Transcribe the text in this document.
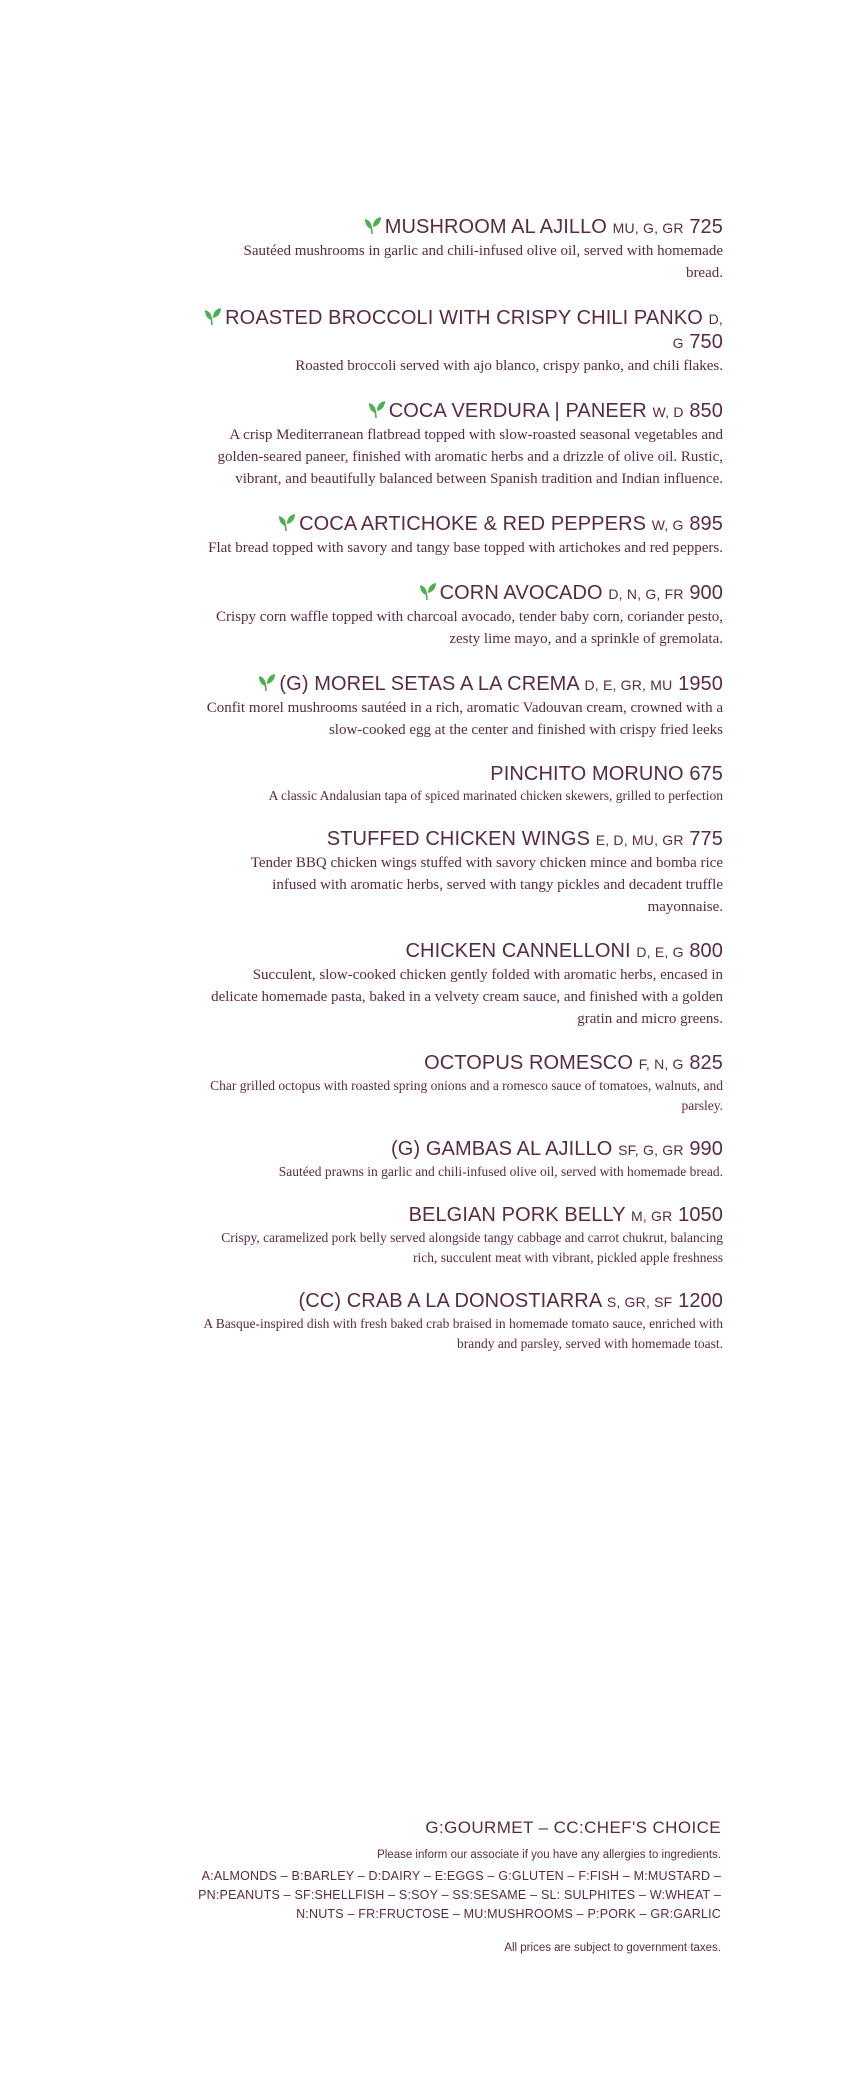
MUSHROOM AL AJILLO MU, G, GR 725
Sautéed mushrooms in garlic and chili-infused olive oil, served with homemade bread.
ROASTED BROCCOLI WITH CRISPY CHILI PANKO D, G 750
Roasted broccoli served with ajo blanco, crispy panko, and chili flakes.
COCA VERDURA | PANEER W, D 850
A crisp Mediterranean flatbread topped with slow-roasted seasonal vegetables and golden-seared paneer, finished with aromatic herbs and a drizzle of olive oil. Rustic, vibrant, and beautifully balanced between Spanish tradition and Indian influence.
COCA ARTICHOKE & RED PEPPERS W, G 895
Flat bread topped with savory and tangy base topped with artichokes and red peppers.
CORN AVOCADO D, N, G, FR 900
Crispy corn waffle topped with charcoal avocado, tender baby corn, coriander pesto, zesty lime mayo, and a sprinkle of gremolata.
(G) MOREL SETAS A LA CREMA D, E, GR, MU 1950
Confit morel mushrooms sautéed in a rich, aromatic Vadouvan cream, crowned with a slow-cooked egg at the center and finished with crispy fried leeks
PINCHITO MORUNO 675
A classic Andalusian tapa of spiced marinated chicken skewers, grilled to perfection
STUFFED CHICKEN WINGS E, D, MU, GR 775
Tender BBQ chicken wings stuffed with savory chicken mince and bomba rice infused with aromatic herbs, served with tangy pickles and decadent truffle mayonnaise.
CHICKEN CANNELLONI D, E, G 800
Succulent, slow-cooked chicken gently folded with aromatic herbs, encased in delicate homemade pasta, baked in a velvety cream sauce, and finished with a golden gratin and micro greens.
OCTOPUS ROMESCO F, N, G 825
Char grilled octopus with roasted spring onions and a romesco sauce of tomatoes, walnuts, and parsley.
(G) GAMBAS AL AJILLO SF, G, GR 990
Sautéed prawns in garlic and chili-infused olive oil, served with homemade bread.
BELGIAN PORK BELLY M, GR 1050
Crispy, caramelized pork belly served alongside tangy cabbage and carrot chukrut, balancing rich, succulent meat with vibrant, pickled apple freshness
(CC) CRAB A LA DONOSTIARRA S, GR, SF 1200
A Basque-inspired dish with fresh baked crab braised in homemade tomato sauce, enriched with brandy and parsley, served with homemade toast.
G:GOURMET – CC:CHEF'S CHOICE
Please inform our associate if you have any allergies to ingredients.
A:ALMONDS – B:BARLEY – D:DAIRY – E:EGGS – G:GLUTEN – F:FISH – M:MUSTARD –
PN:PEANUTS – SF:SHELLFISH – S:SOY – SS:SESAME – SL: SULPHITES – W:WHEAT –
N:NUTS – FR:FRUCTOSE – MU:MUSHROOMS – P:PORK – GR:GARLIC
All prices are subject to government taxes.
